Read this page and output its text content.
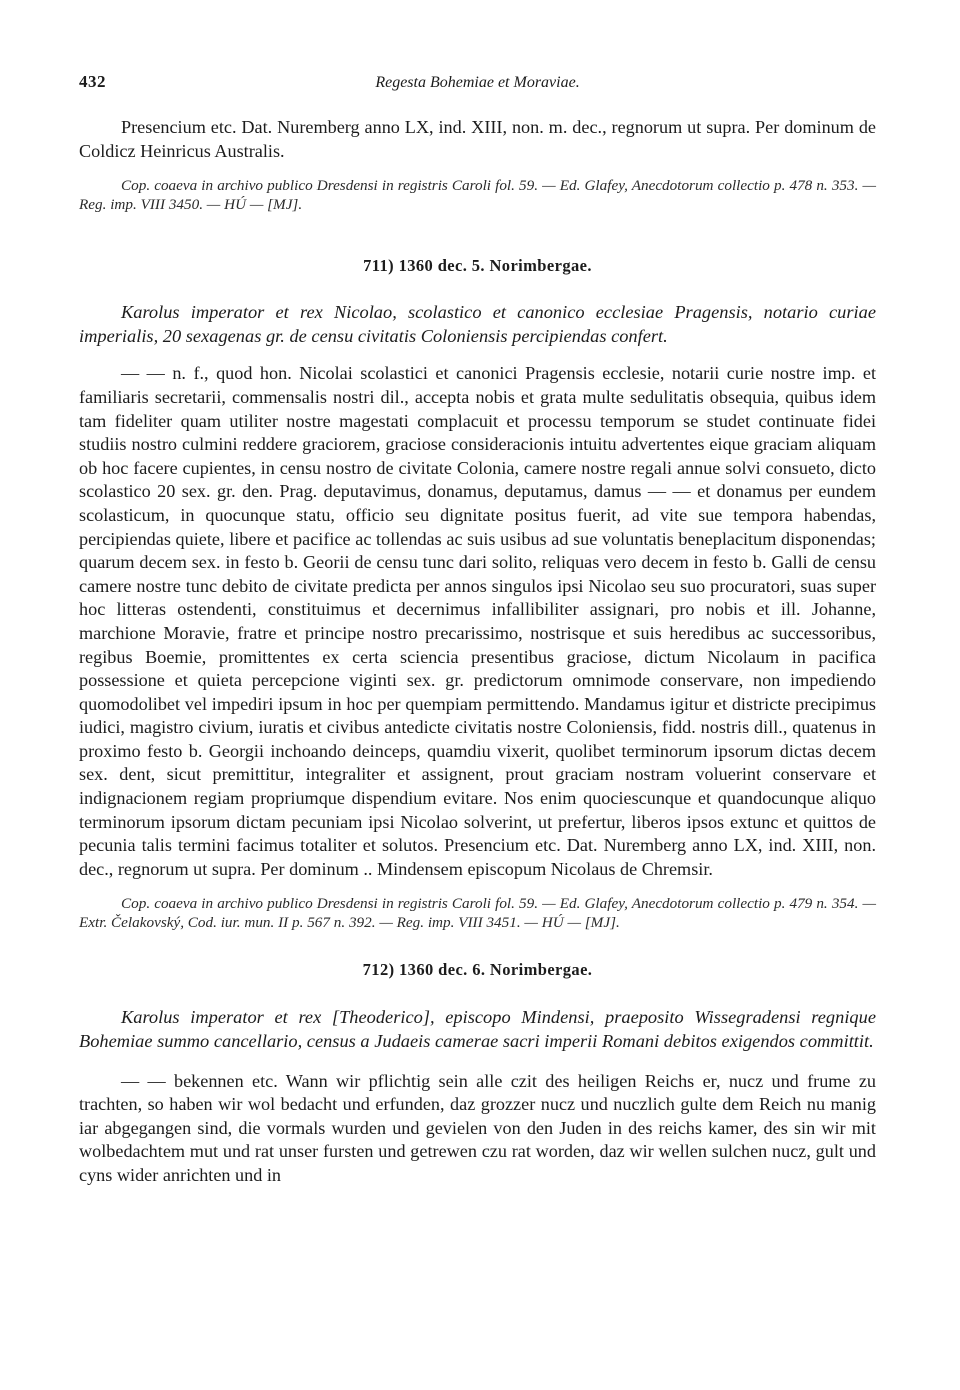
432	Regesta Bohemiae et Moraviae.

Presencium etc. Dat. Nuremberg anno LX, ind. XIII, non. m. dec., regnorum ut supra. Per dominum de Coldicz Heinricus Australis.

Cop. coaeva in archivo publico Dresdensi in registris Caroli fol. 59. — Ed. Glafey, Anecdotorum collectio p. 478 n. 353. — Reg. imp. VIII 3450. — HÚ — [MJ].

711) 1360 dec. 5. Norimbergae.

Karolus imperator et rex Nicolao, scolastico et canonico ecclesiae Pragensis, notario curiae imperialis, 20 sexagenas gr. de censu civitatis Coloniensis percipiendas confert.

— — n. f., quod hon. Nicolai scolastici et canonici Pragensis ecclesie, notarii curie nostre imp. et familiaris secretarii, commensalis nostri dil., accepta nobis et grata multe sedulitatis obsequia, quibus idem tam fideliter quam utiliter nostre magestati complacuit et processu temporum se studet continuate fidei studiis nostro culmini reddere graciorem, graciose consideracionis intuitu advertentes eique graciam aliquam ob hoc facere cupientes, in censu nostro de civitate Colonia, camere nostre regali annue solvi consueto, dicto scolastico 20 sex. gr. den. Prag. deputavimus, donamus, deputamus, damus — — et donamus per eundem scolasticum, in quocunque statu, officio seu dignitate positus fuerit, ad vite sue tempora habendas, percipiendas quiete, libere et pacifice ac tollendas ac suis usibus ad sue voluntatis beneplacitum disponendas; quarum decem sex. in festo b. Georii de censu tunc dari solito, reliquas vero decem in festo b. Galli de censu camere nostre tunc debito de civitate predicta per annos singulos ipsi Nicolao seu suo procuratori, suas super hoc litteras ostendenti, constituimus et decernimus infallibiliter assignari, pro nobis et ill. Johanne, marchione Moravie, fratre et principe nostro precarissimo, nostrisque et suis heredibus ac successoribus, regibus Boemie, promittentes ex certa sciencia presentibus graciose, dictum Nicolaum in pacifica possessione et quieta percepcione viginti sex. gr. predictorum omnimode conservare, non impediendo quomodolibet vel impediri ipsum in hoc per quempiam permittendo. Mandamus igitur et districte precipimus iudici, magistro civium, iuratis et civibus antedicte civitatis nostre Coloniensis, fidd. nostris dill., quatenus in proximo festo b. Georgii inchoando deinceps, quamdiu vixerit, quolibet terminorum ipsorum dictas decem sex. dent, sicut premittitur, integraliter et assignent, prout graciam nostram voluerint conservare et indignacionem regiam propriumque dispendium evitare. Nos enim quociescunque et quandocunque aliquo terminorum ipsorum dictam pecuniam ipsi Nicolao solverint, ut prefertur, liberos ipsos extunc et quittos de pecunia talis termini facimus totaliter et solutos. Presencium etc. Dat. Nuremberg anno LX, ind. XIII, non. dec., regnorum ut supra. Per dominum .. Mindensem episcopum Nicolaus de Chremsir.

Cop. coaeva in archivo publico Dresdensi in registris Caroli fol. 59. — Ed. Glafey, Anecdotorum collectio p. 479 n. 354. — Extr. Čelakovský, Cod. iur. mun. II p. 567 n. 392. — Reg. imp. VIII 3451. — HÚ — [MJ].

712) 1360 dec. 6. Norimbergae.

Karolus imperator et rex [Theoderico], episcopo Mindensi, praeposito Wissegradensi regnique Bohemiae summo cancellario, census a Judaeis camerae sacri imperii Romani debitos exigendos committit.

— — bekennen etc. Wann wir pflichtig sein alle czit des heiligen Reichs er, nucz und frume zu trachten, so haben wir wol bedacht und erfunden, daz grozzer nucz und nuczlich gulte dem Reich nu manig iar abgegangen sind, die vormals wurden und gevielen von den Juden in des reichs kamer, des sin wir mit wolbedachtem mut und rat unser fursten und getrewen czu rat worden, daz wir wellen sulchen nucz, gult und cyns wider anrichten und in
